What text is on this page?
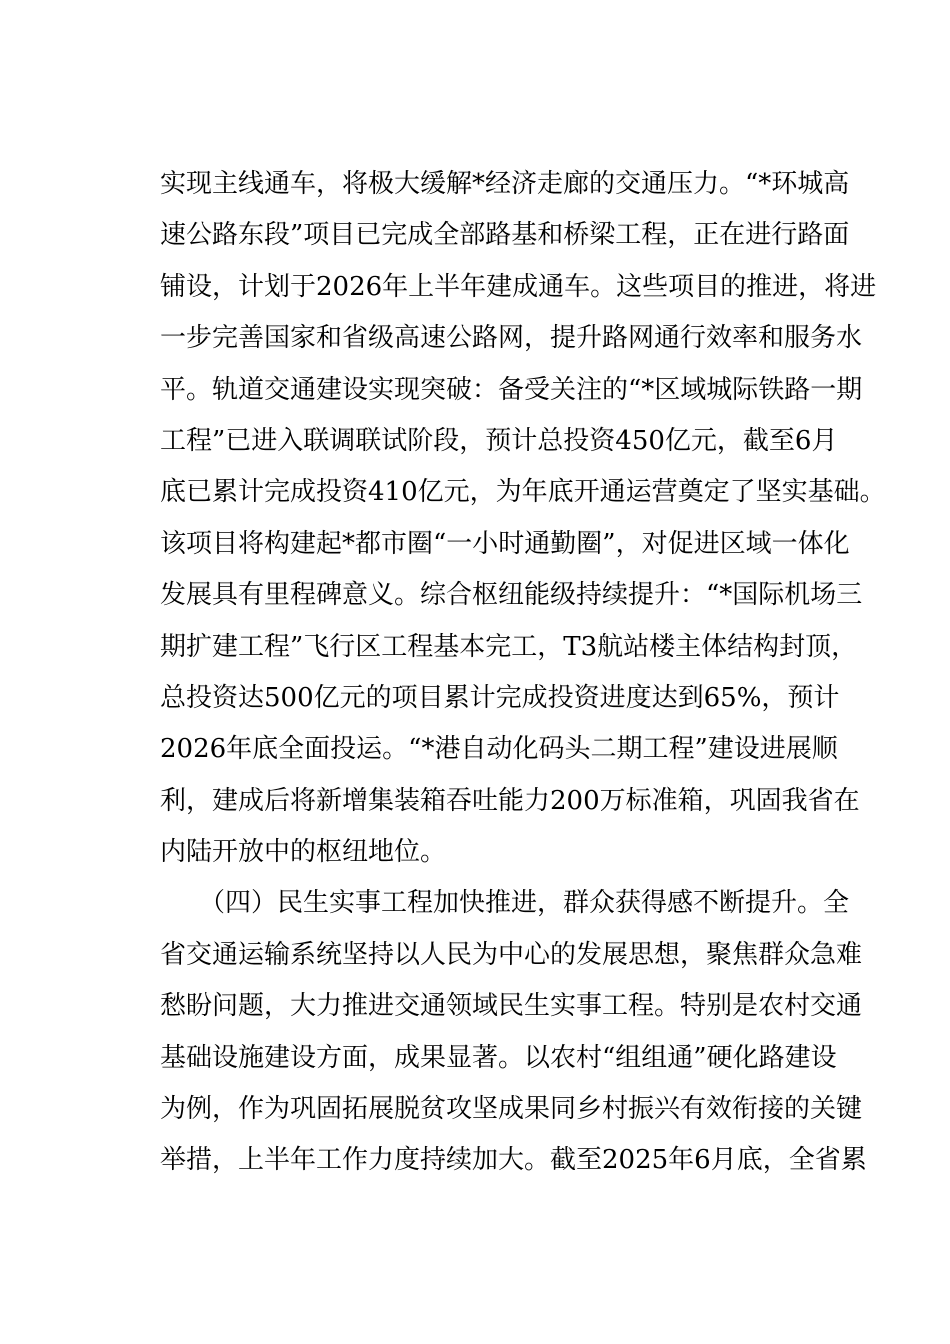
实现主线通车，将极大缓解*经济走廊的交通压力。“*环城高
速公路东段”项目已完成全部路基和桥梁工程，正在进行路面
铺设，计划于2026年上半年建成通车。这些项目的推进，将进
一步完善国家和省级高速公路网，提升路网通行效率和服务水
平。轨道交通建设实现突破：备受关注的“*区域城际铁路一期
工程”已进入联调联试阶段，预计总投资450亿元，截至6月
底已累计完成投资410亿元，为年底开通运营奠定了坚实基础。
该项目将构建起*都市圈“一小时通勤圈”，对促进区域一体化
发展具有里程碑意义。综合枢纽能级持续提升：“*国际机场三
期扩建工程”飞行区工程基本完工，T3航站楼主体结构封顶，
总投资达500亿元的项目累计完成投资进度达到65%，预计
2026年底全面投运。“*港自动化码头二期工程”建设进展顺
利，建成后将新增集装箱吞吐能力200万标准箱，巩固我省在
内陆开放中的枢纽地位。
　　（四）民生实事工程加快推进，群众获得感不断提升。全
省交通运输系统坚持以人民为中心的发展思想，聚焦群众急难
愁盼问题，大力推进交通领域民生实事工程。特别是农村交通
基础设施建设方面，成果显著。以农村“组组通”硬化路建设
为例，作为巩固拓展脱贫攻坚成果同乡村振兴有效衔接的关键
举措，上半年工作力度持续加大。截至2025年6月底，全省累
